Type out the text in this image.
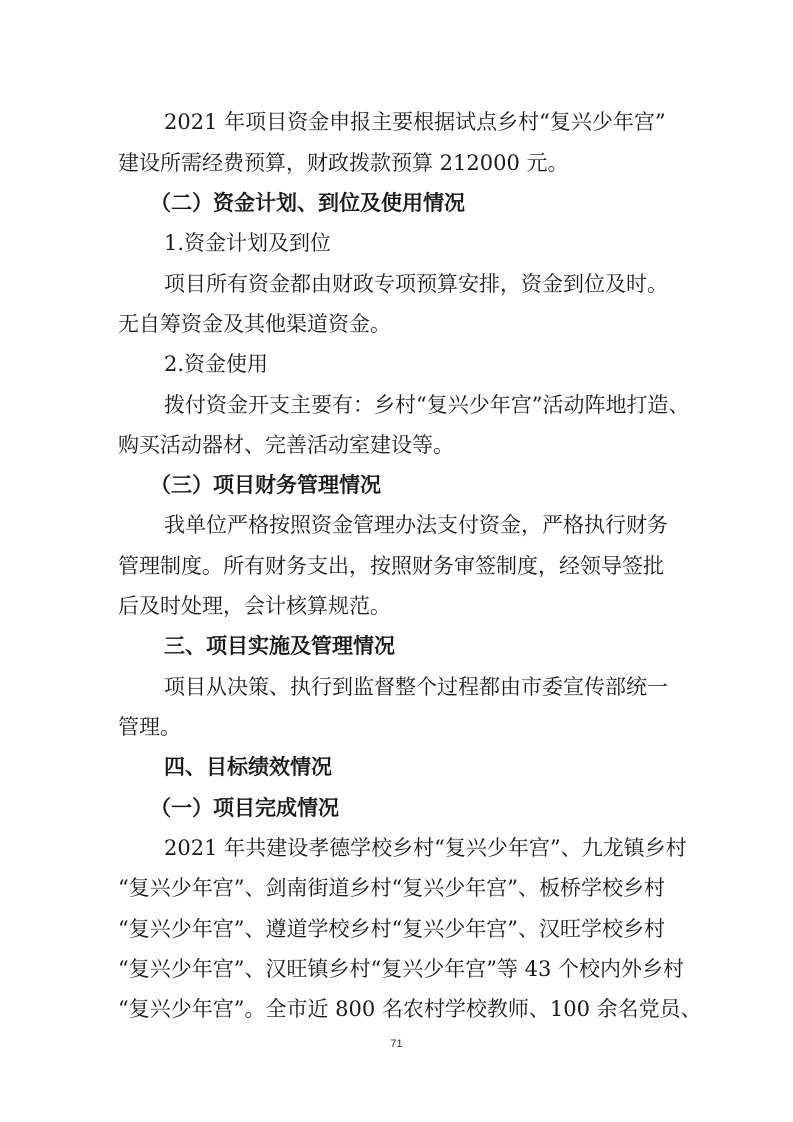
2021 年项目资金申报主要根据试点乡村“复兴少年宫”
建设所需经费预算，财政拨款预算 212000 元。
（二）资金计划、到位及使用情况
1.资金计划及到位
项目所有资金都由财政专项预算安排，资金到位及时。
无自筹资金及其他渠道资金。
2.资金使用
拨付资金开支主要有：乡村“复兴少年宫”活动阵地打造、
购买活动器材、完善活动室建设等。
（三）项目财务管理情况
我单位严格按照资金管理办法支付资金，严格执行财务
管理制度。所有财务支出，按照财务审签制度，经领导签批
后及时处理，会计核算规范。
三、项目实施及管理情况
项目从决策、执行到监督整个过程都由市委宣传部统一
管理。
四、目标绩效情况
（一）项目完成情况
2021 年共建设孝德学校乡村“复兴少年宫”、九龙镇乡村
“复兴少年宫”、剑南街道乡村“复兴少年宫”、板桥学校乡村
“复兴少年宫”、遵道学校乡村“复兴少年宫”、汉旺学校乡村
“复兴少年宫”、汉旺镇乡村“复兴少年宫”等 43 个校内外乡村
“复兴少年宫”。全市近 800 名农村学校教师、100 余名党员、
71
